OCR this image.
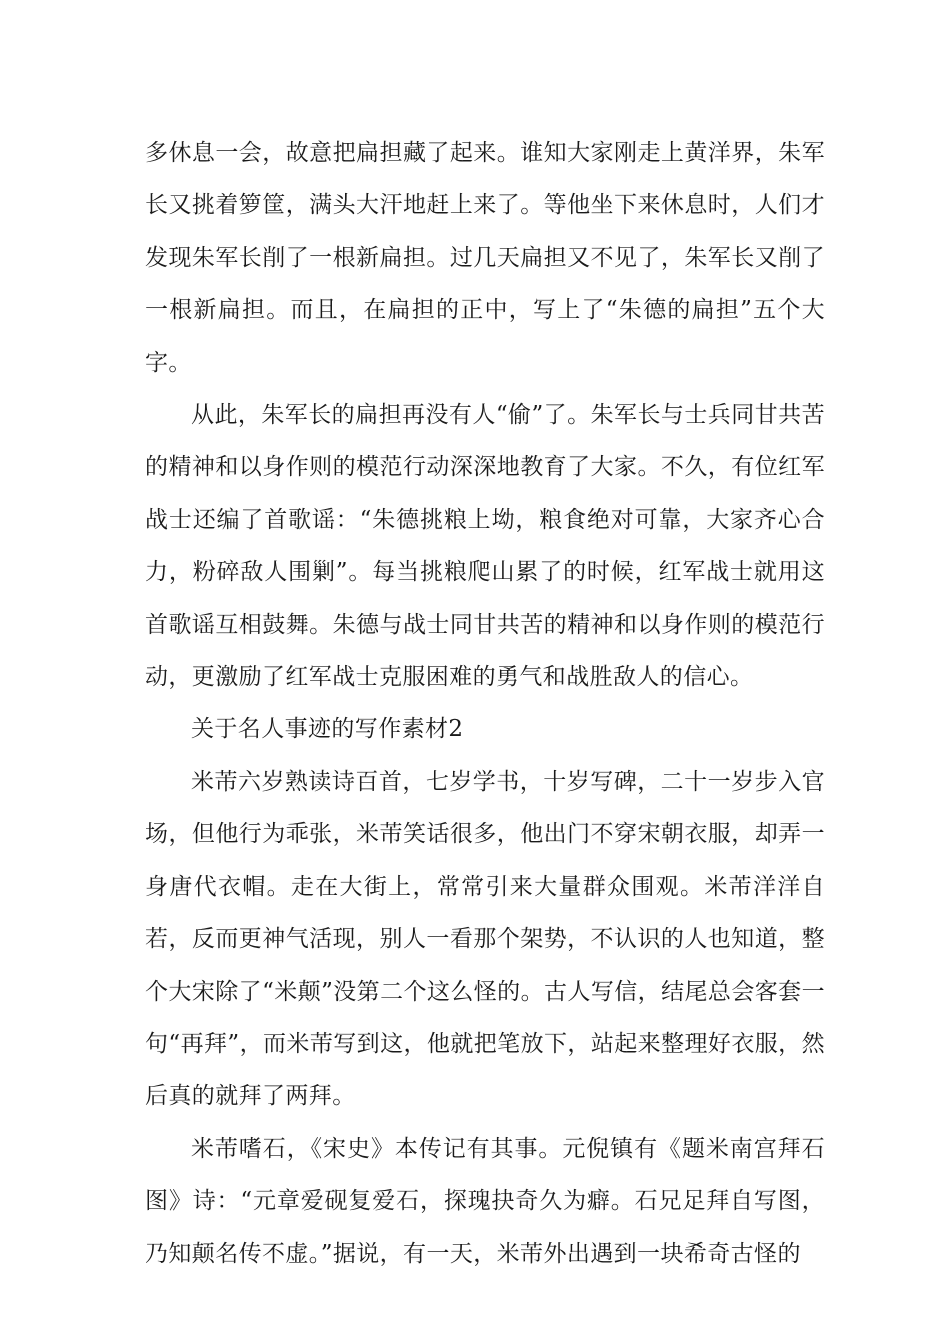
多休息一会，故意把扁担藏了起来。谁知大家刚走上黄洋界，朱军长又挑着箩筐，满头大汗地赶上来了。等他坐下来休息时，人们才发现朱军长削了一根新扁担。过几天扁担又不见了，朱军长又削了一根新扁担。而且，在扁担的正中，写上了“朱德的扁担”五个大字。

从此，朱军长的扁担再没有人“偷”了。朱军长与士兵同甘共苦的精神和以身作则的模范行动深深地教育了大家。不久，有位红军战士还编了首歌谣：“朱德挑粮上坳，粮食绝对可靠，大家齐心合力，粉碎敌人围剿”。每当挑粮爬山累了的时候，红军战士就用这首歌谣互相鼓舞。朱德与战士同甘共苦的精神和以身作则的模范行动，更激励了红军战士克服困难的勇气和战胜敌人的信心。

关于名人事迹的写作素材2

米芾六岁熟读诗百首，七岁学书，十岁写碑，二十一岁步入官场，但他行为乖张，米芾笑话很多，他出门不穿宋朝衣服，却弄一身唐代衣帽。走在大街上，常常引来大量群众围观。米芾洋洋自若，反而更神气活现，别人一看那个架势，不认识的人也知道，整个大宋除了“米颠”没第二个这么怪的。古人写信，结尾总会客套一句“再拜”，而米芾写到这，他就把笔放下，站起来整理好衣服，然后真的就拜了两拜。

米芾嗜石，《宋史》本传记有其事。元倪镇有《题米南宫拜石图》诗：“元章爱砚复爱石，探瑰抉奇久为癖。石兄足拜自写图，乃知颠名传不虚。”据说，有一天，米芾外出遇到一块希奇古怪的
